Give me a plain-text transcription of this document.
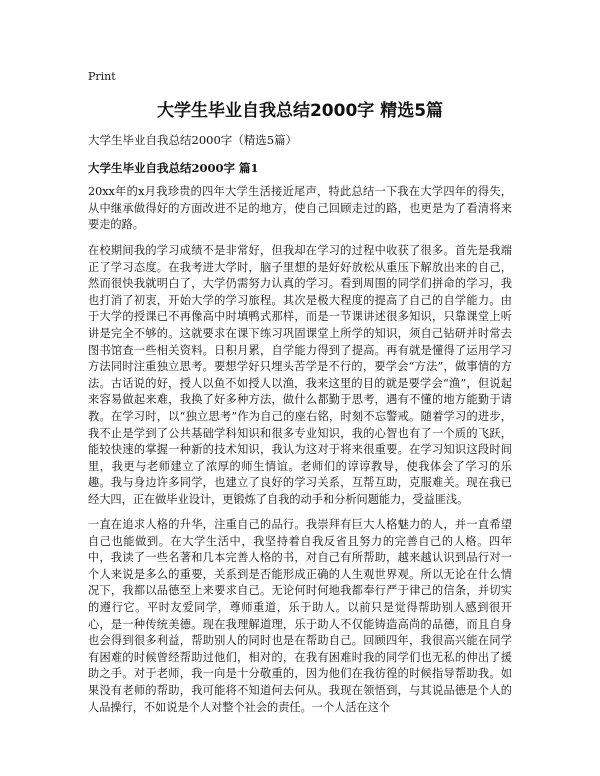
Print
大学生毕业自我总结2000字 精选5篇
大学生毕业自我总结2000字（精选5篇）
大学生毕业自我总结2000字 篇1
20xx年的x月我珍贵的四年大学生活接近尾声，特此总结一下我在大学四年的得失，从中继承做得好的方面改进不足的地方，使自己回顾走过的路，也更是为了看清将来要走的路。
在校期间我的学习成绩不是非常好，但我却在学习的过程中收获了很多。首先是我端正了学习态度。在我考进大学时，脑子里想的是好好放松从重压下解放出来的自己，然而很快我就明白了，大学仍需努力认真的学习。看到周围的同学们拼命的学习，我也打消了初衷，开始大学的学习旅程。其次是极大程度的提高了自己的自学能力。由于大学的授课已不再像高中时填鸭式那样，而是一节课讲述很多知识，只靠课堂上听讲是完全不够的。这就要求在课下练习巩固课堂上所学的知识，须自己钻研并时常去图书馆查一些相关资料。日积月累，自学能力得到了提高。再有就是懂得了运用学习方法同时注重独立思考。要想学好只埋头苦学是不行的，要学会“方法”，做事情的方法。古话说的好，授人以鱼不如授人以渔，我来这里的目的就是要学会“渔”，但说起来容易做起来难，我换了好多种方法，做什么都勤于思考，遇有不懂的地方能勤于请教。在学习时，以“独立思考”作为自己的座右铭，时刻不忘警戒。随着学习的进步，我不止是学到了公共基础学科知识和很多专业知识，我的心智也有了一个质的飞跃，能较快速的掌握一种新的技术知识，我认为这对于将来很重要。在学习知识这段时间里，我更与老师建立了浓厚的师生情谊。老师们的谆谆教导，使我体会了学习的乐趣。我与身边许多同学，也建立了良好的学习关系，互帮互助，克服难关。现在我已经大四，正在做毕业设计，更锻炼了自我的动手和分析问题能力，受益匪浅。
一直在追求人格的升华，注重自己的品行。我崇拜有巨大人格魅力的人，并一直希望自己也能做到。在大学生活中，我坚持着自我反省且努力的完善自己的人格。四年中，我读了一些名著和几本完善人格的书，对自己有所帮助，越来越认识到品行对一个人来说是多么的重要，关系到是否能形成正确的人生观世界观。所以无论在什么情况下，我都以品德至上来要求自己。无论何时何地我都奉行严于律己的信条，并切实的遵行它。平时友爱同学，尊师重道，乐于助人。以前只是觉得帮助别人感到很开心，是一种传统美德。现在我理解道理，乐于助人不仅能铸造高尚的品德，而且自身也会得到很多利益，帮助别人的同时也是在帮助自己。回顾四年，我很高兴能在同学有困难的时候曾经帮助过他们，相对的，在我有困难时我的同学们也无私的伸出了援助之手。对于老师，我一向是十分敬重的，因为他们在我彷徨的时候指导帮助我。如果没有老师的帮助，我可能将不知道何去何从。我现在领悟到，与其说品德是个人的人品操行，不如说是个人对整个社会的责任。一个人活在这个
